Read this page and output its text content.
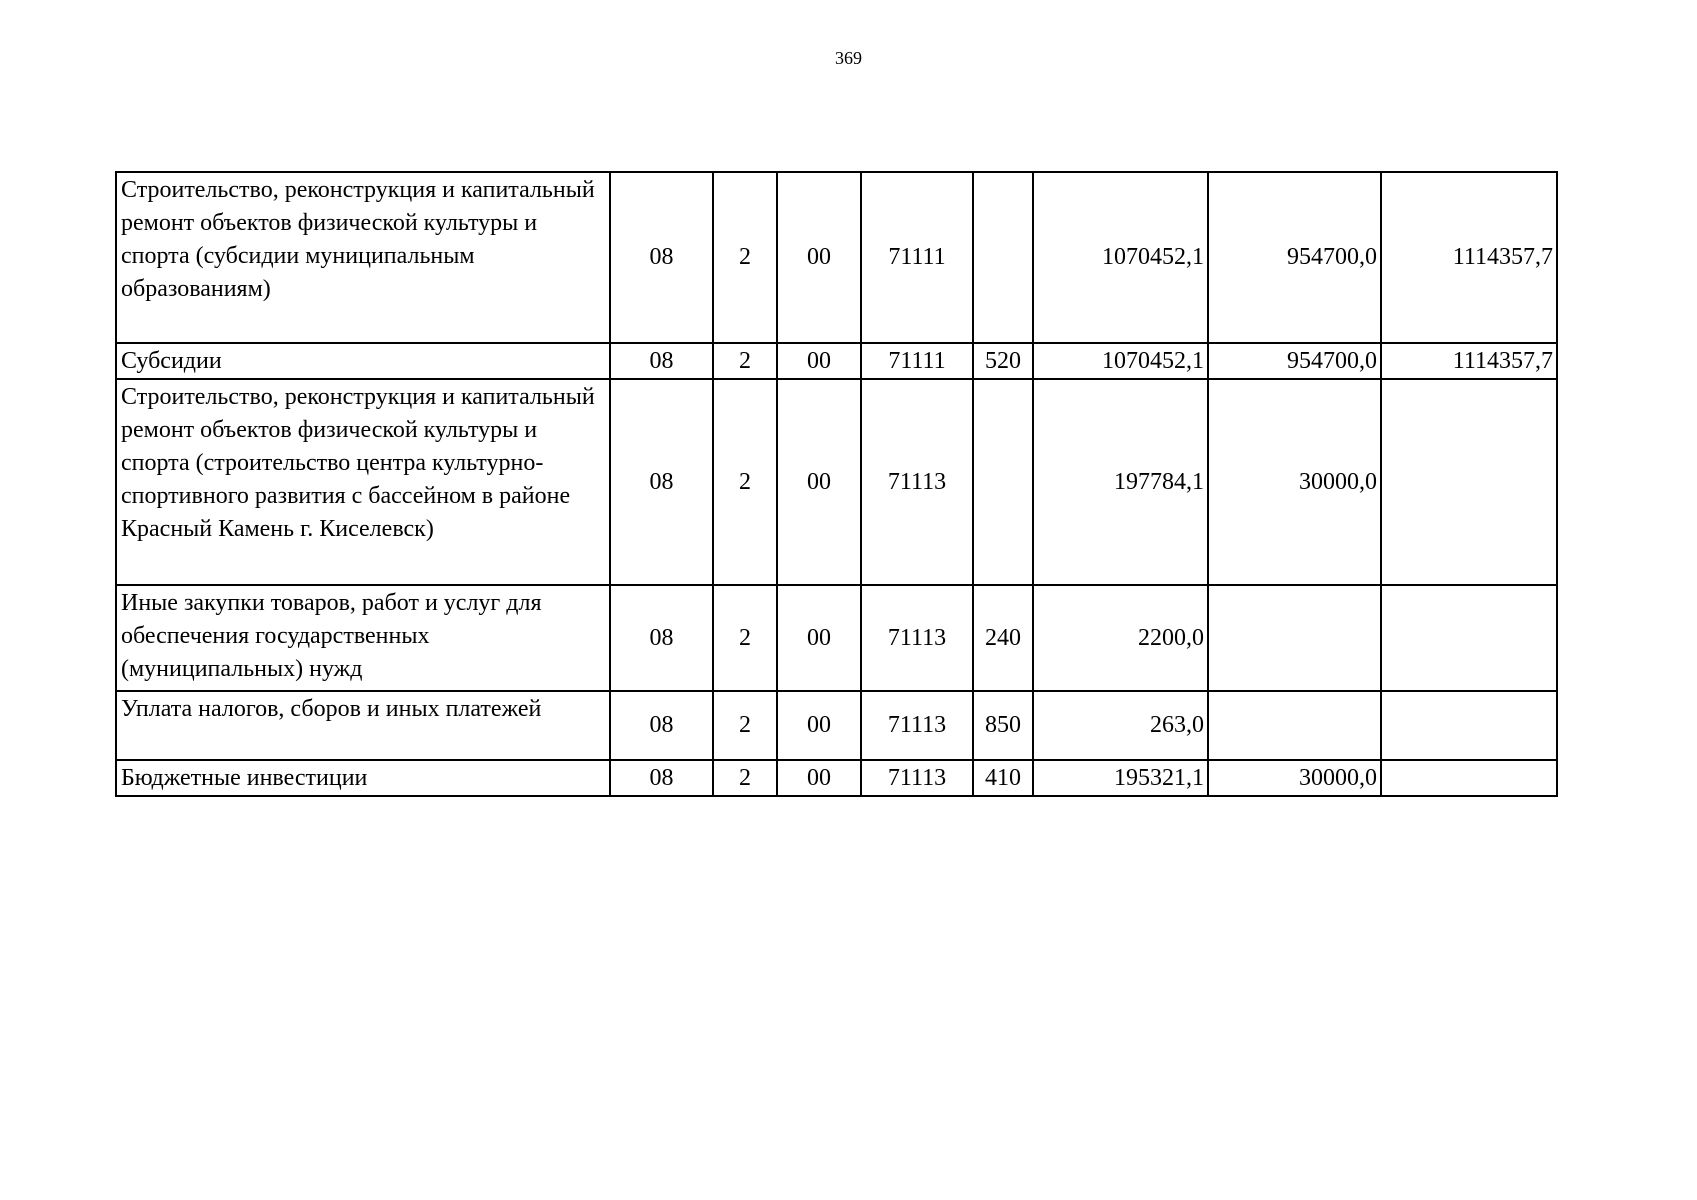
369
Строительство, реконструкция и капитальный ремонт объектов физической культуры и спорта (субсидии муниципальным образованиям)	08	2	00	71111		1070452,1	954700,0	1114357,7
Субсидии	08	2	00	71111	520	1070452,1	954700,0	1114357,7
Строительство, реконструкция и капитальный ремонт объектов физической культуры и спорта (строительство центра культурно-спортивного развития с бассейном в районе Красный Камень г. Киселевск)	08	2	00	71113		197784,1	30000,0	
Иные закупки товаров, работ и услуг для обеспечения государственных (муниципальных) нужд	08	2	00	71113	240	2200,0		
Уплата налогов, сборов и иных платежей	08	2	00	71113	850	263,0		
Бюджетные инвестиции	08	2	00	71113	410	195321,1	30000,0	
